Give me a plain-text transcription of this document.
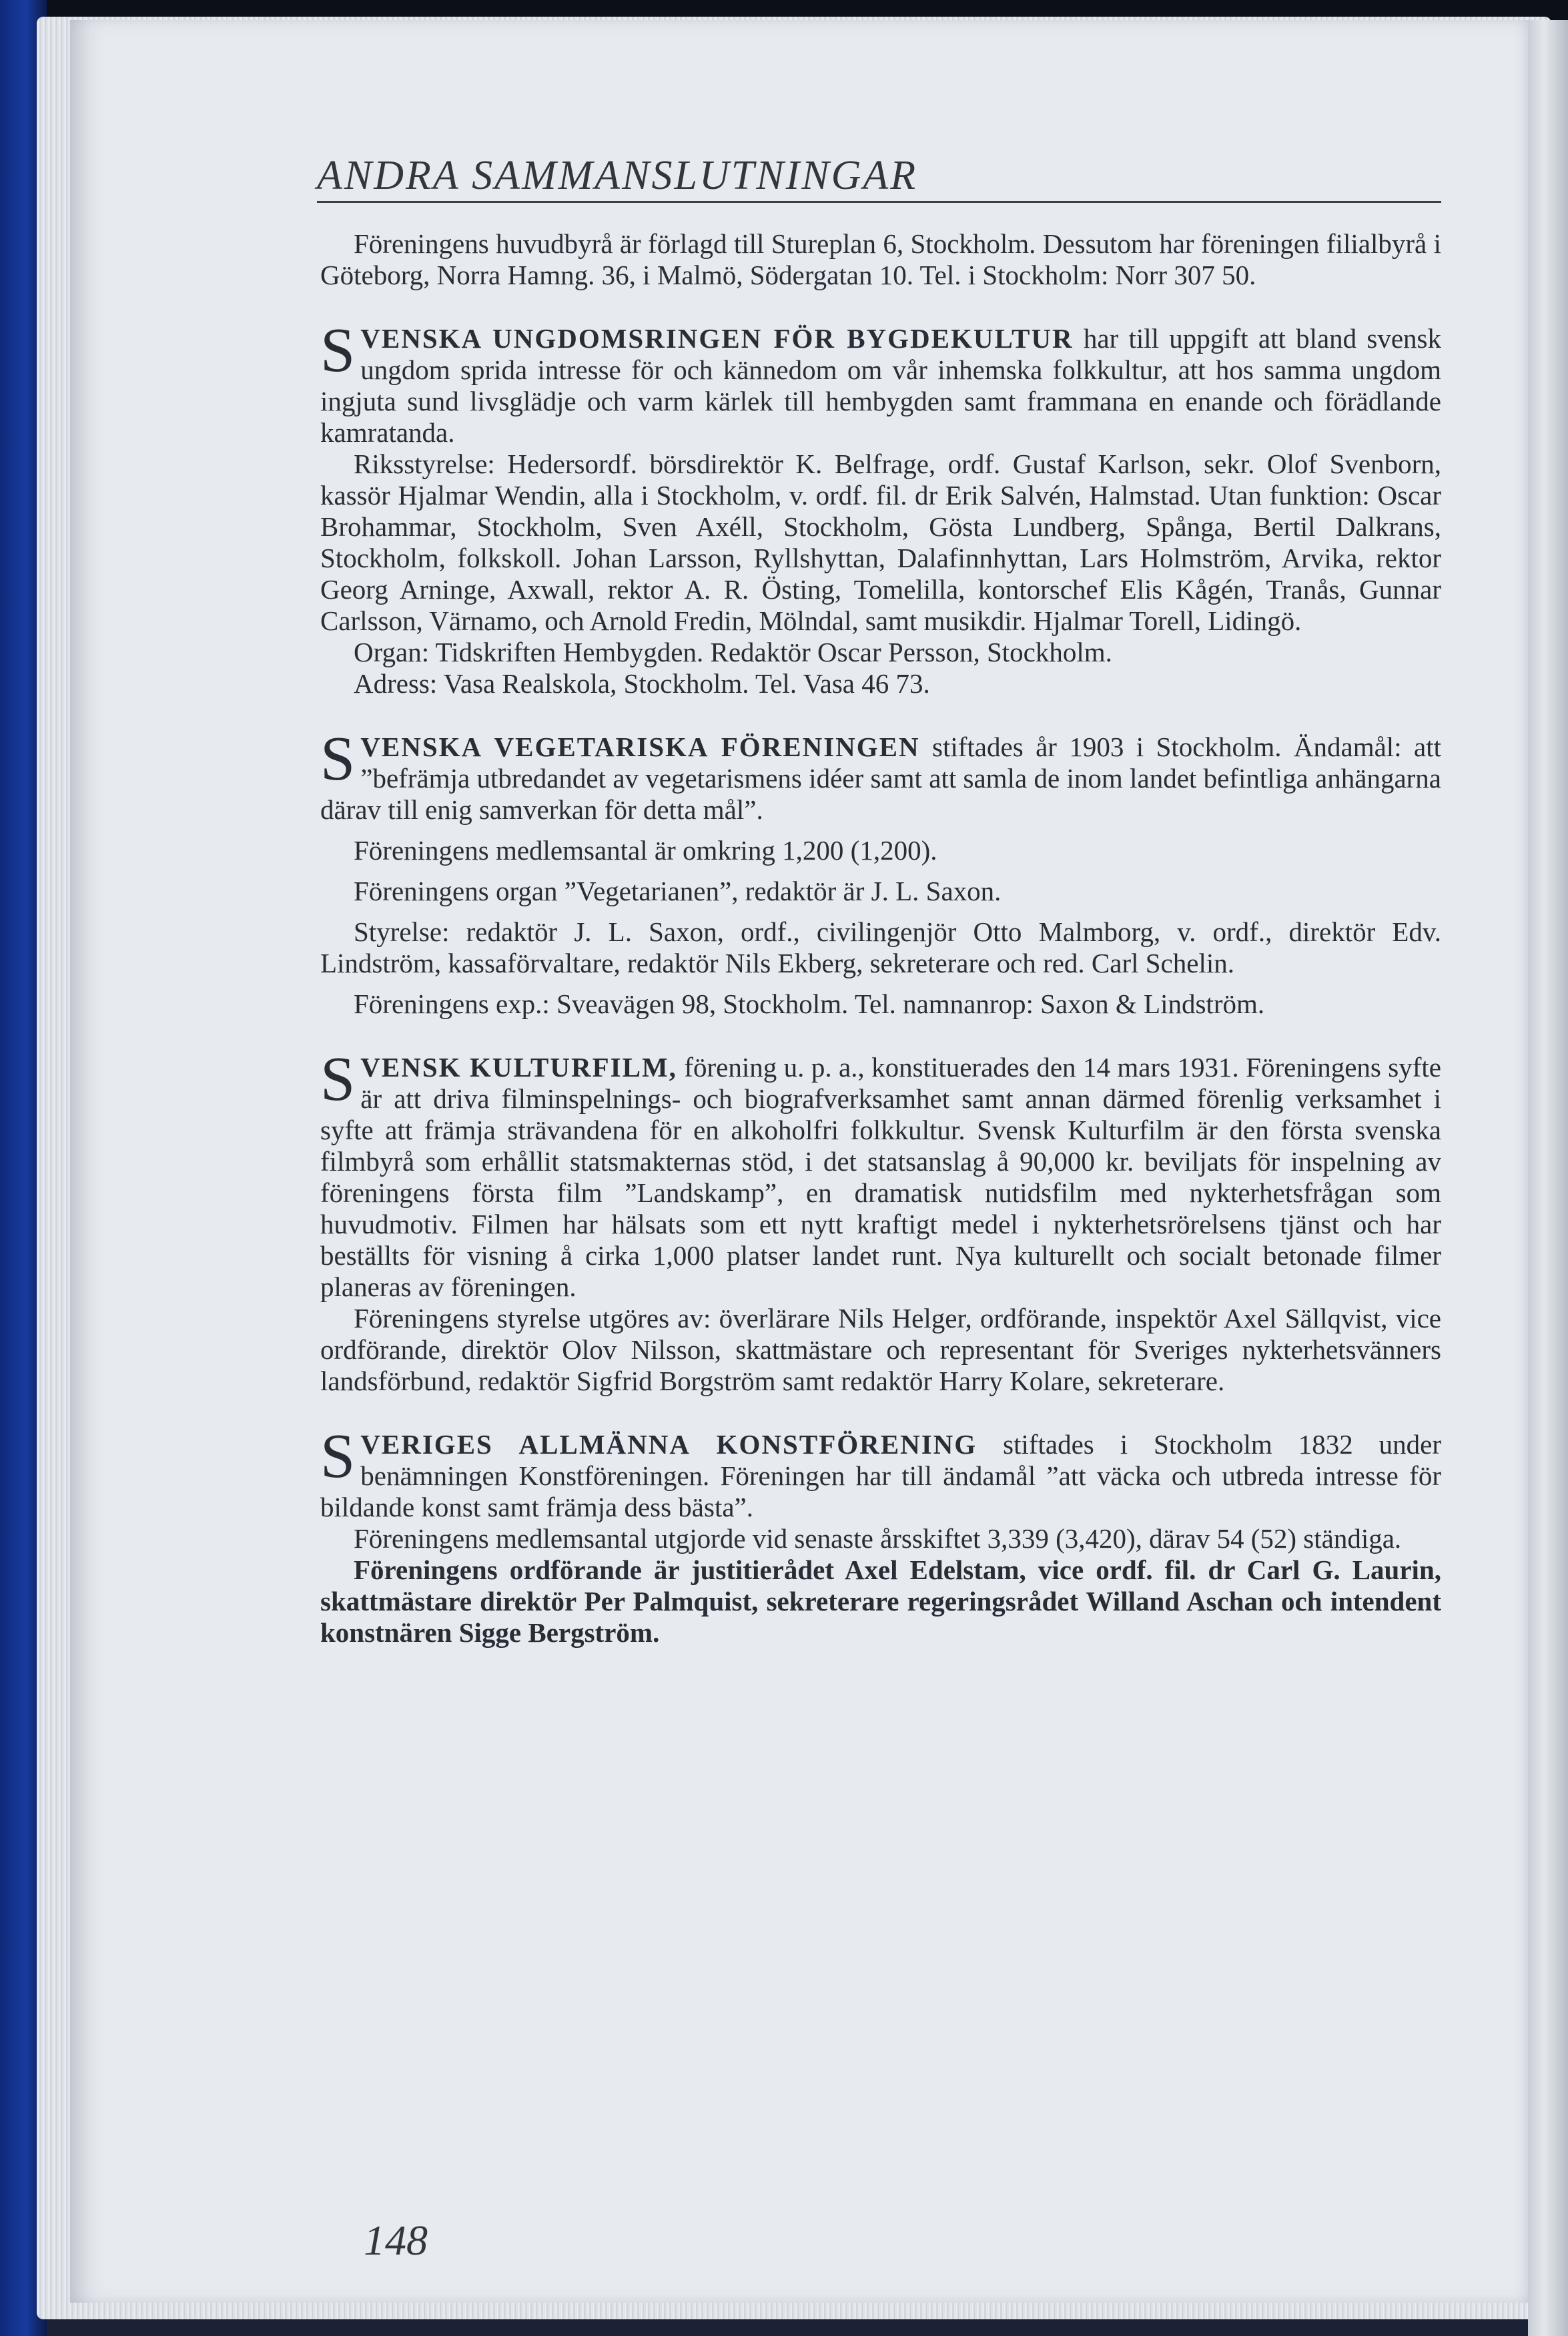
ANDRA SAMMANSLUTNINGAR

Föreningens huvudbyrå är förlagd till Stureplan 6, Stockholm. Dessutom har föreningen filialbyrå i Göteborg, Norra Hamng. 36, i Malmö, Södergatan 10. Tel. i Stockholm: Norr 307 50.

SVENSKA UNGDOMSRINGEN FÖR BYGDEKULTUR har till uppgift att bland svensk ungdom sprida intresse för och kännedom om vår inhemska folkkultur, att hos samma ungdom ingjuta sund livsglädje och varm kärlek till hembygden samt frammana en enande och förädlande kamratanda.

Riksstyrelse: Hedersordf. börsdirektör K. Belfrage, ordf. Gustaf Karlson, sekr. Olof Svenborn, kassör Hjalmar Wendin, alla i Stockholm, v. ordf. fil. dr Erik Salvén, Halmstad. Utan funktion: Oscar Brohammar, Stockholm, Sven Axéll, Stockholm, Gösta Lundberg, Spånga, Bertil Dalkrans, Stockholm, folkskoll. Johan Larsson, Ryllshyttan, Dalafinnhyttan, Lars Holmström, Arvika, rektor Georg Arninge, Axwall, rektor A. R. Östing, Tomelilla, kontorschef Elis Kågén, Tranås, Gunnar Carlsson, Värnamo, och Arnold Fredin, Mölndal, samt musikdir. Hjalmar Torell, Lidingö.

Organ: Tidskriften Hembygden. Redaktör Oscar Persson, Stockholm.

Adress: Vasa Realskola, Stockholm. Tel. Vasa 46 73.

SVENSKA VEGETARISKA FÖRENINGEN stiftades år 1903 i Stockholm. Ändamål: att ”befrämja utbredandet av vegetarismens idéer samt att samla de inom landet befintliga anhängarna därav till enig samverkan för detta mål”.

Föreningens medlemsantal är omkring 1,200 (1,200).

Föreningens organ ”Vegetarianen”, redaktör är J. L. Saxon.

Styrelse: redaktör J. L. Saxon, ordf., civilingenjör Otto Malmborg, v. ordf., direktör Edv. Lindström, kassaförvaltare, redaktör Nils Ekberg, sekreterare och red. Carl Schelin.

Föreningens exp.: Sveavägen 98, Stockholm. Tel. namnanrop: Saxon & Lindström.

SVENSK KULTURFILM, förening u. p. a., konstituerades den 14 mars 1931. Föreningens syfte är att driva filminspelnings- och biografverksamhet samt annan därmed förenlig verksamhet i syfte att främja strävandena för en alkoholfri folkkultur. Svensk Kulturfilm är den första svenska filmbyrå som erhållit statsmakternas stöd, i det statsanslag å 90,000 kr. beviljats för inspelning av föreningens första film ”Landskamp”, en dramatisk nutidsfilm med nykterhetsfrågan som huvudmotiv. Filmen har hälsats som ett nytt kraftigt medel i nykterhetsrörelsens tjänst och har beställts för visning å cirka 1,000 platser landet runt. Nya kulturellt och socialt betonade filmer planeras av föreningen.

Föreningens styrelse utgöres av: överlärare Nils Helger, ordförande, inspektör Axel Sällqvist, vice ordförande, direktör Olov Nilsson, skattmästare och representant för Sveriges nykterhetsvänners landsförbund, redaktör Sigfrid Borgström samt redaktör Harry Kolare, sekreterare.

SVERIGES ALLMÄNNA KONSTFÖRENING stiftades i Stockholm 1832 under benämningen Konstföreningen. Föreningen har till ändamål ”att väcka och utbreda intresse för bildande konst samt främja dess bästa”.

Föreningens medlemsantal utgjorde vid senaste årsskiftet 3,339 (3,420), därav 54 (52) ständiga.

Föreningens ordförande är justitierådet Axel Edelstam, vice ordf. fil. dr Carl G. Laurin, skattmästare direktör Per Palmquist, sekreterare regeringsrådet Willand Aschan och intendent konstnären Sigge Bergström.

148
